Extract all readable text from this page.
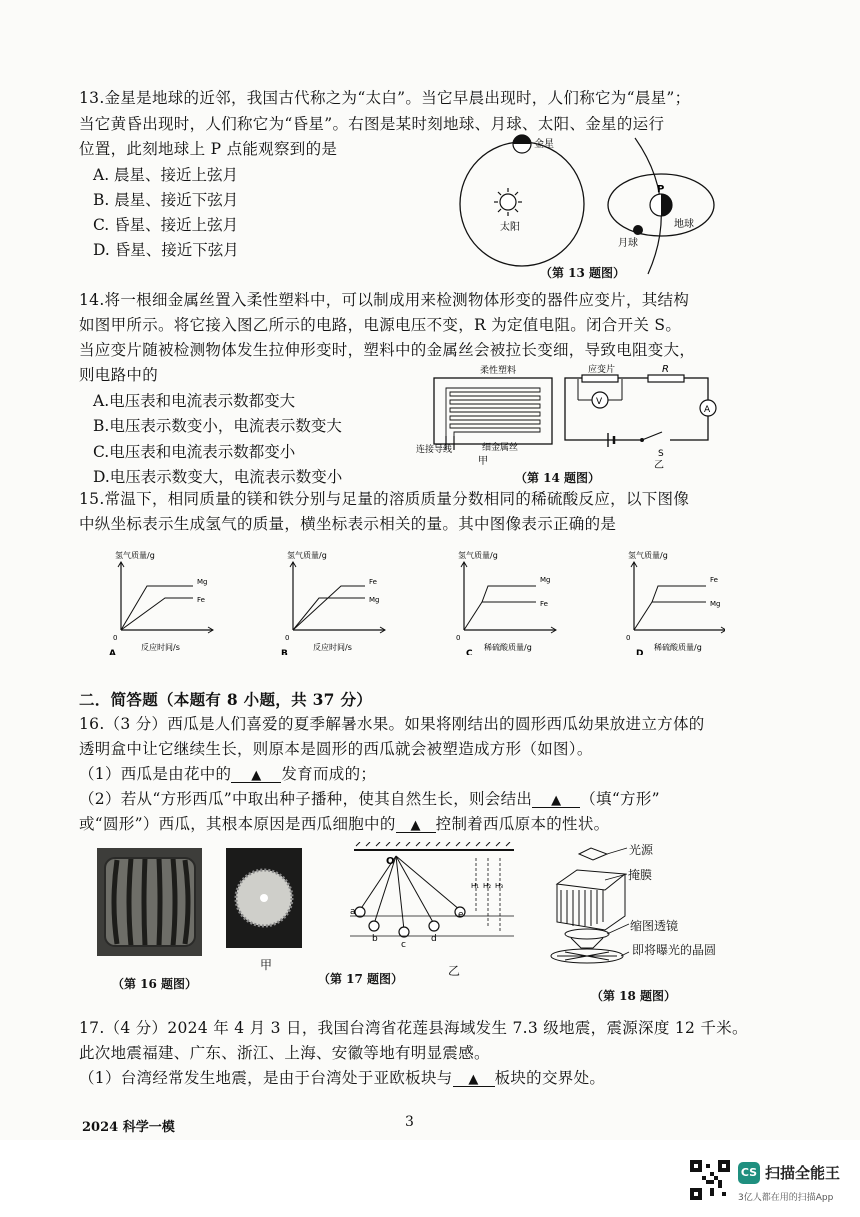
13.金星是地球的近邻，我国古代称之为“太白”。当它早晨出现时，人们称它为“晨星”；
当它黄昏出现时，人们称它为“昏星”。右图是某时刻地球、月球、太阳、金星的运行
位置，此刻地球上 P 点能观察到的是
A. 晨星、接近上弦月
B. 晨星、接近下弦月
C. 昏星、接近上弦月
D. 昏星、接近下弦月
金星
太阳
P
地球
月球
（第 13 题图）
14.将一根细金属丝置入柔性塑料中，可以制成用来检测物体形变的器件应变片，其结构
如图甲所示。将它接入图乙所示的电路，电源电压不变，R 为定值电阻。闭合开关 S。
当应变片随被检测物体发生拉伸形变时，塑料中的金属丝会被拉长变细，导致电阻变大，
则电路中的
A.电压表和电流表示数都变大
B.电压表示数变小，电流表示数变大
C.电压表和电流表示数都变小
D.电压表示数变大，电流表示数变小
柔性塑料
连接导线	细金属丝
甲
应变片	R
V
A
S
乙
（第 14 题图）
15.常温下，相同质量的镁和铁分别与足量的溶质质量分数相同的稀硫酸反应，以下图像
中纵坐标表示生成氢气的质量，横坐标表示相关的量。其中图像表示正确的是
氢气质量/g
反应时间/s
0
A
Mg
Fe
氢气质量/g
反应时间/s
0
B
Fe
Mg
氢气质量/g
稀硫酸质量/g
0
C
Mg
Fe
氢气质量/g
稀硫酸质量/g
0
D
Fe
Mg
二．简答题（本题有 8 小题，共 37 分）
16.（3 分）西瓜是人们喜爱的夏季解暑水果。如果将刚结出的圆形西瓜幼果放进立方体的
透明盒中让它继续生长，则原本是圆形的西瓜就会被塑造成方形（如图）。
（1）西瓜是由花中的 ▲ 发育而成的；
（2）若从“方形西瓜”中取出种子播种，使其自然生长，则会结出 ▲ （填“方形”
或“圆形”）西瓜，其根本原因是西瓜细胞中的 ▲ 控制着西瓜原本的性状。
（第 16 题图）
O
a
b
c
d
e
H₁ H₂ H₃
甲	乙
（第 17 题图）
光源
掩膜
缩图透镜
即将曝光的晶圆
（第 18 题图）
17.（4 分）2024 年 4 月 3 日，我国台湾省花莲县海域发生 7.3 级地震，震源深度 12 千米。
此次地震福建、广东、浙江、上海、安徽等地有明显震感。
（1）台湾经常发生地震，是由于台湾处于亚欧板块与 ▲ 板块的交界处。
2024 科学一模	3
CS 扫描全能王
3亿人都在用的扫描App
